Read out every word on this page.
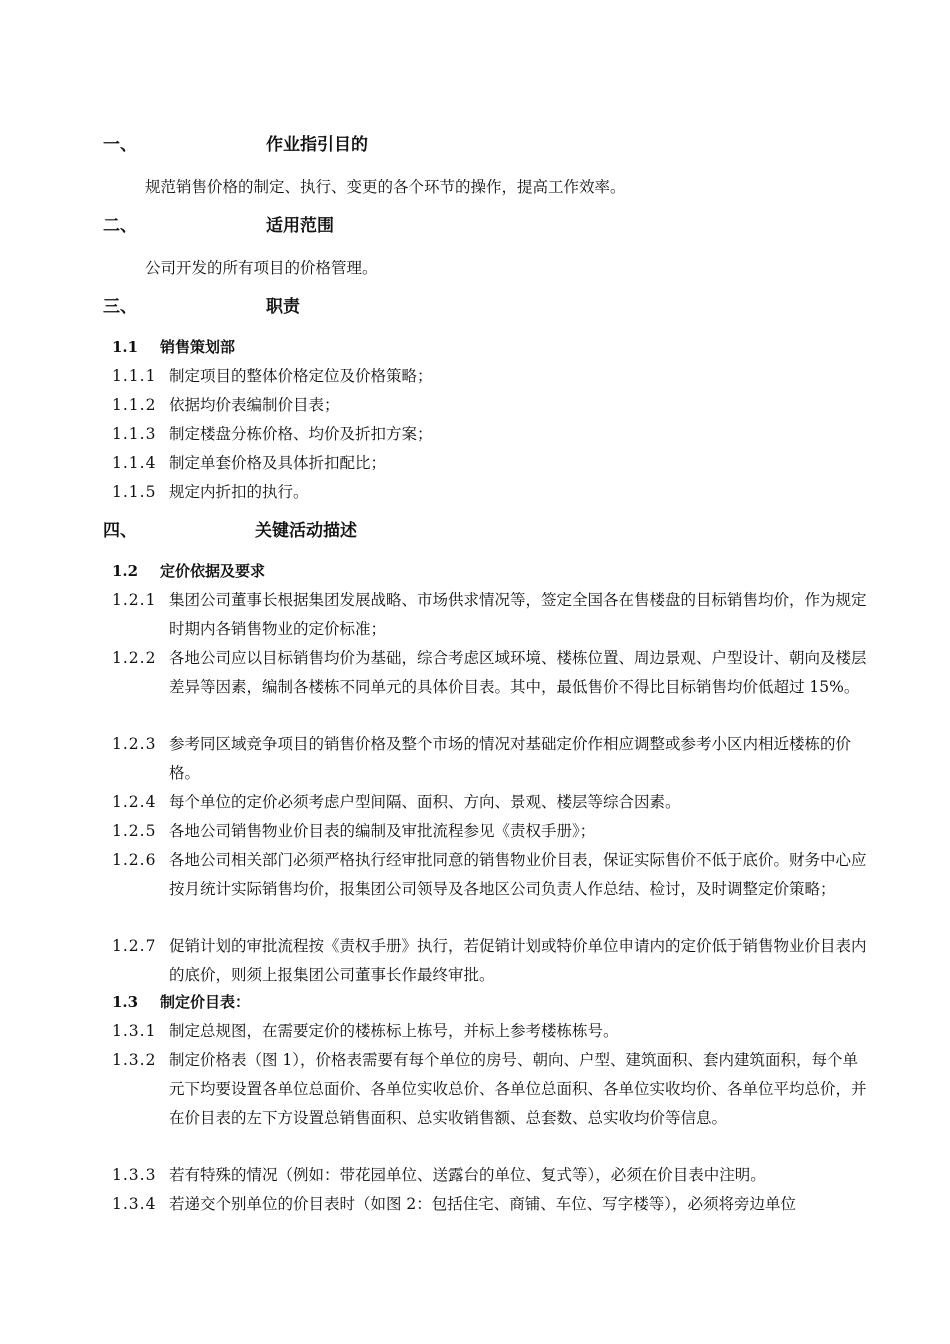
一、	作业指引目的
规范销售价格的制定、执行、变更的各个环节的操作，提高工作效率。
二、	适用范围
公司开发的所有项目的价格管理。
三、	职责
1.1 销售策划部
1.1.1 制定项目的整体价格定位及价格策略；
1.1.2 依据均价表编制价目表；
1.1.3 制定楼盘分栋价格、均价及折扣方案；
1.1.4 制定单套价格及具体折扣配比；
1.1.5 规定内折扣的执行。
四、	关键活动描述
1.2 定价依据及要求
1.2.1 集团公司董事长根据集团发展战略、市场供求情况等，签定全国各在售楼盘的目标销售均价，作为规定时期内各销售物业的定价标准；
1.2.2 各地公司应以目标销售均价为基础，综合考虑区域环境、楼栋位置、周边景观、户型设计、朝向及楼层差异等因素，编制各楼栋不同单元的具体价目表。其中，最低售价不得比目标销售均价低超过 15%。
1.2.3 参考同区域竞争项目的销售价格及整个市场的情况对基础定价作相应调整或参考小区内相近楼栋的价格。
1.2.4 每个单位的定价必须考虑户型间隔、面积、方向、景观、楼层等综合因素。
1.2.5 各地公司销售物业价目表的编制及审批流程参见《责权手册》；
1.2.6 各地公司相关部门必须严格执行经审批同意的销售物业价目表，保证实际售价不低于底价。财务中心应按月统计实际销售均价，报集团公司领导及各地区公司负责人作总结、检讨，及时调整定价策略；
1.2.7 促销计划的审批流程按《责权手册》执行，若促销计划或特价单位申请内的定价低于销售物业价目表内的底价，则须上报集团公司董事长作最终审批。
1.3 制定价目表：
1.3.1 制定总规图，在需要定价的楼栋标上栋号，并标上参考楼栋栋号。
1.3.2 制定价格表（图 1），价格表需要有每个单位的房号、朝向、户型、建筑面积、套内建筑面积，每个单元下均要设置各单位总面价、各单位实收总价、各单位总面积、各单位实收均价、各单位平均总价，并在价目表的左下方设置总销售面积、总实收销售额、总套数、总实收均价等信息。
1.3.3 若有特殊的情况（例如：带花园单位、送露台的单位、复式等），必须在价目表中注明。
1.3.4 若递交个别单位的价目表时（如图 2：包括住宅、商铺、车位、写字楼等），必须将旁边单位
